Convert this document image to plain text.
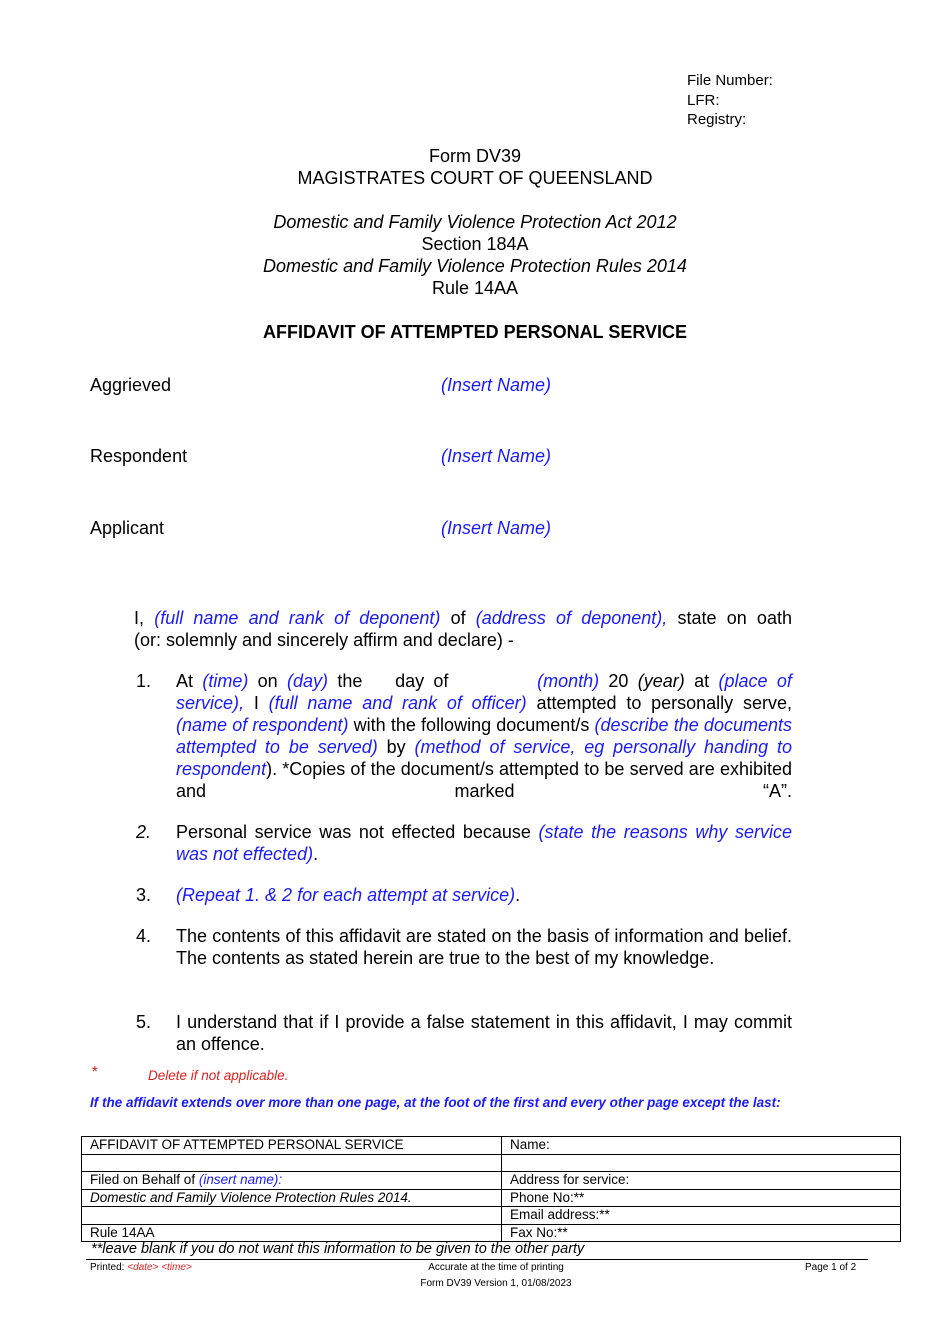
File Number:
LFR:
Registry:
Form DV39
MAGISTRATES COURT OF QUEENSLAND
Domestic and Family Violence Protection Act 2012
Section 184A
Domestic and Family Violence Protection Rules 2014
Rule 14AA
AFFIDAVIT OF ATTEMPTED PERSONAL SERVICE
Aggrieved	(Insert Name)
Respondent	(Insert Name)
Applicant	(Insert Name)
I, (full name and rank of deponent) of (address of deponent), state on oath
(or: solemnly and sincerely affirm and declare) -
1. At (time) on (day) the day of	(month) 20 (year) at (place of service), I (full name and rank of officer) attempted to personally serve, (name of respondent) with the following document/s (describe the documents attempted to be served) by (method of service, eg personally handing to respondent). *Copies of the document/s attempted to be served are exhibited and marked “A”.
2.	Personal service was not effected because (state the reasons why service was not effected).
3.	(Repeat 1. & 2 for each attempt at service).
4.	The contents of this affidavit are stated on the basis of information and belief. The contents as stated herein are true to the best of my knowledge.
5.	I understand that if I provide a false statement in this affidavit, I may commit an offence.
*	Delete if not applicable.
If the affidavit extends over more than one page, at the foot of the first and every other page except the last:
AFFIDAVIT OF ATTEMPTED PERSONAL SERVICE	Name:

Filed on Behalf of (insert name):	Address for service:
Domestic and Family Violence Protection Rules 2014.	Phone No:**
	Email address:**
Rule 14AA	Fax No:**
**leave blank if you do not want this information to be given to the other party
Printed: <date> <time>	Accurate at the time of printing	Page 1 of 2
Form DV39 Version 1, 01/08/2023
